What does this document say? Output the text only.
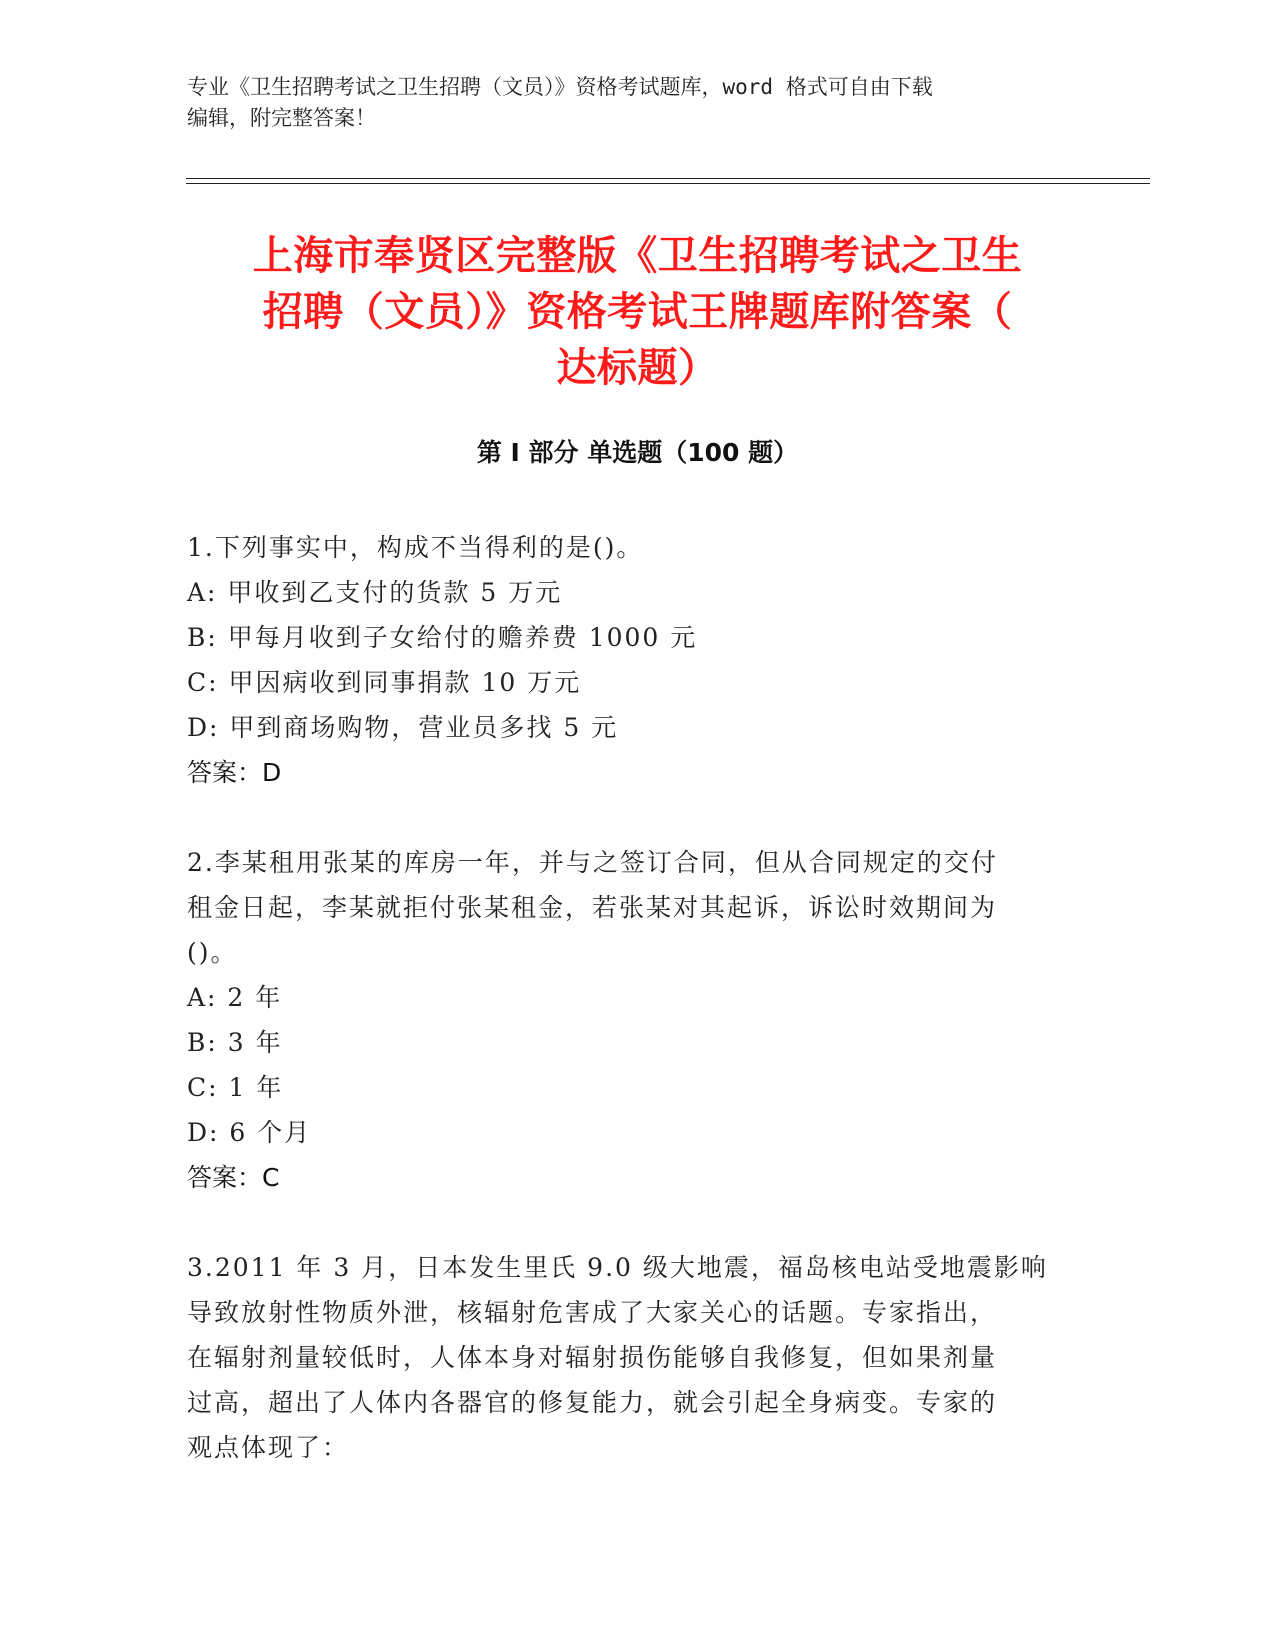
专业《卫生招聘考试之卫生招聘（文员）》资格考试题库，word 格式可自由下载
编辑，附完整答案！
上海市奉贤区完整版《卫生招聘考试之卫生
招聘（文员）》资格考试王牌题库附答案（
达标题）
第 I 部分 单选题（100 题）
1.下列事实中，构成不当得利的是()。
A: 甲收到乙支付的货款 5 万元
B: 甲每月收到子女给付的赡养费 1000 元
C: 甲因病收到同事捐款 10 万元
D: 甲到商场购物，营业员多找 5 元
答案：D
2.李某租用张某的库房一年，并与之签订合同，但从合同规定的交付
租金日起，李某就拒付张某租金，若张某对其起诉，诉讼时效期间为
()。
A: 2 年
B: 3 年
C: 1 年
D: 6 个月
答案：C
3.2011 年 3 月，日本发生里氏 9.0 级大地震，福岛核电站受地震影响
导致放射性物质外泄，核辐射危害成了大家关心的话题。专家指出，
在辐射剂量较低时，人体本身对辐射损伤能够自我修复，但如果剂量
过高，超出了人体内各器官的修复能力，就会引起全身病变。专家的
观点体现了：
